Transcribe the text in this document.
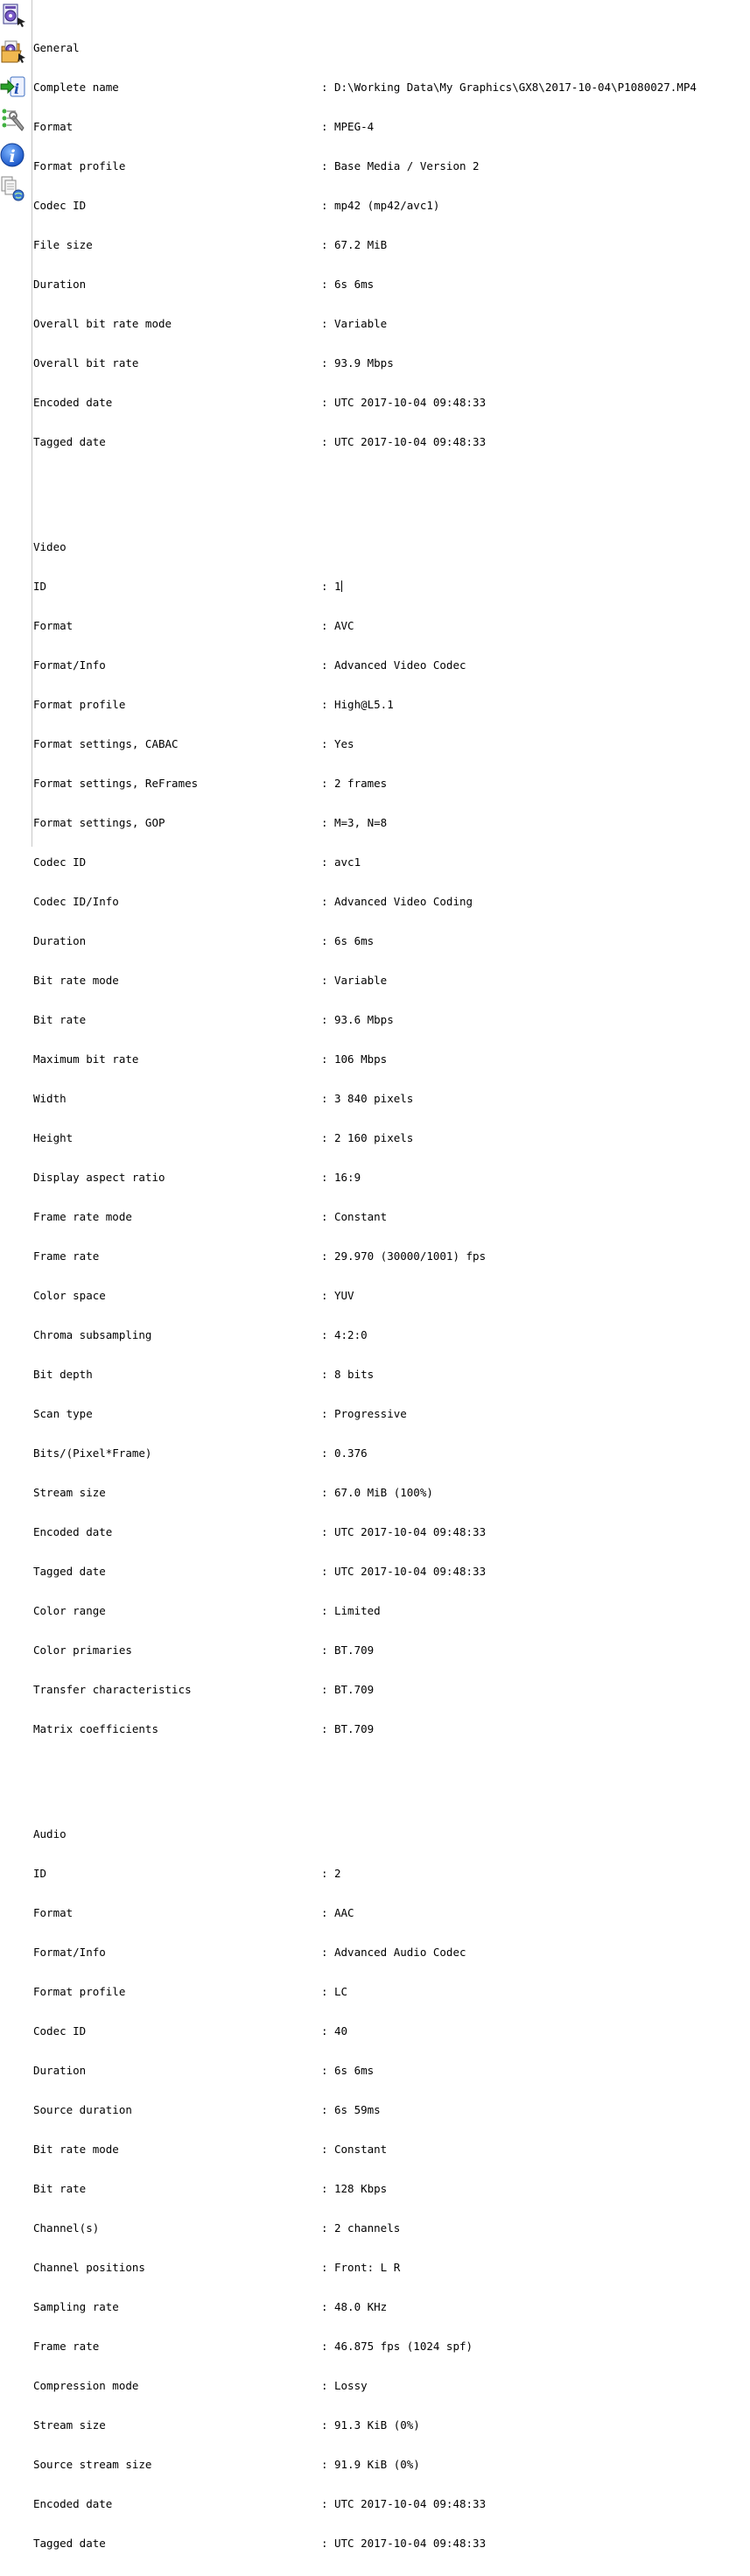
i
i

General

Complete name	: D:\Working Data\My Graphics\GX8\2017-10-04\P1080027.MP4

Format	: MPEG-4

Format profile	: Base Media / Version 2

Codec ID	: mp42 (mp42/avc1)

File size	: 67.2 MiB

Duration	: 6s 6ms

Overall bit rate mode	: Variable

Overall bit rate	: 93.9 Mbps

Encoded date	: UTC 2017-10-04 09:48:33

Tagged date	: UTC 2017-10-04 09:48:33

Video

ID	: 1

Format	: AVC

Format/Info	: Advanced Video Codec

Format profile	: High@L5.1

Format settings, CABAC	: Yes

Format settings, ReFrames	: 2 frames

Format settings, GOP	: M=3, N=8

Codec ID	: avc1

Codec ID/Info	: Advanced Video Coding

Duration	: 6s 6ms

Bit rate mode	: Variable

Bit rate	: 93.6 Mbps

Maximum bit rate	: 106 Mbps

Width	: 3 840 pixels

Height	: 2 160 pixels

Display aspect ratio	: 16:9

Frame rate mode	: Constant

Frame rate	: 29.970 (30000/1001) fps

Color space	: YUV

Chroma subsampling	: 4:2:0

Bit depth	: 8 bits

Scan type	: Progressive

Bits/(Pixel*Frame)	: 0.376

Stream size	: 67.0 MiB (100%)

Encoded date	: UTC 2017-10-04 09:48:33

Tagged date	: UTC 2017-10-04 09:48:33

Color range	: Limited

Color primaries	: BT.709

Transfer characteristics	: BT.709

Matrix coefficients	: BT.709

Audio

ID	: 2

Format	: AAC

Format/Info	: Advanced Audio Codec

Format profile	: LC

Codec ID	: 40

Duration	: 6s 6ms

Source duration	: 6s 59ms

Bit rate mode	: Constant

Bit rate	: 128 Kbps

Channel(s)	: 2 channels

Channel positions	: Front: L R

Sampling rate	: 48.0 KHz

Frame rate	: 46.875 fps (1024 spf)

Compression mode	: Lossy

Stream size	: 91.3 KiB (0%)

Source stream size	: 91.9 KiB (0%)

Encoded date	: UTC 2017-10-04 09:48:33

Tagged date	: UTC 2017-10-04 09:48:33
